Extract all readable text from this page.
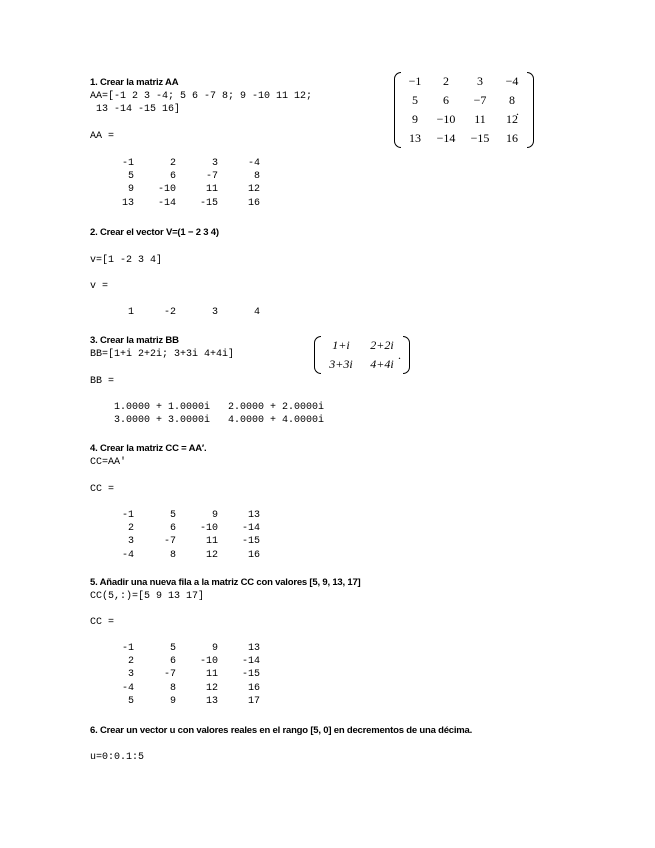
1. Crear la matriz AA
AA=[-1 2 3 -4; 5 6 -7 8; 9 -10 11 12;
13 -14 -15 16]
AA =
-1	2	3	-4
5	6	-7	8
9	-10	11	12
13	-14	-15	16
−1	2	3	−4
5	6	−7	8
9	−10	11	12
13	−14	−15	16
.
2. Crear el vector V=(1 − 2 3 4)
v=[1 -2 3 4]
v =
1	-2	3	4
3. Crear la matriz BB
BB=[1+i 2+2i; 3+3i 4+4i]
BB =
1.0000 + 1.0000i 2.0000 + 2.0000i
3.0000 + 3.0000i 4.0000 + 4.0000i
1+i	2+2i
3+3i	4+4i
.
4. Crear la matriz CC = AA′.
CC=AA'
CC =
-1	5	9	13
2	6	-10	-14
3	-7	11	-15
-4	8	12	16
5. Añadir una nueva fila a la matriz CC con valores [5, 9, 13, 17]
CC(5,:)=[5 9 13 17]
CC =
-1	5	9	13
2	6	-10	-14
3	-7	11	-15
-4	8	12	16
5	9	13	17
6. Crear un vector u con valores reales en el rango [5, 0] en decrementos de una décima.
u=0:0.1:5
